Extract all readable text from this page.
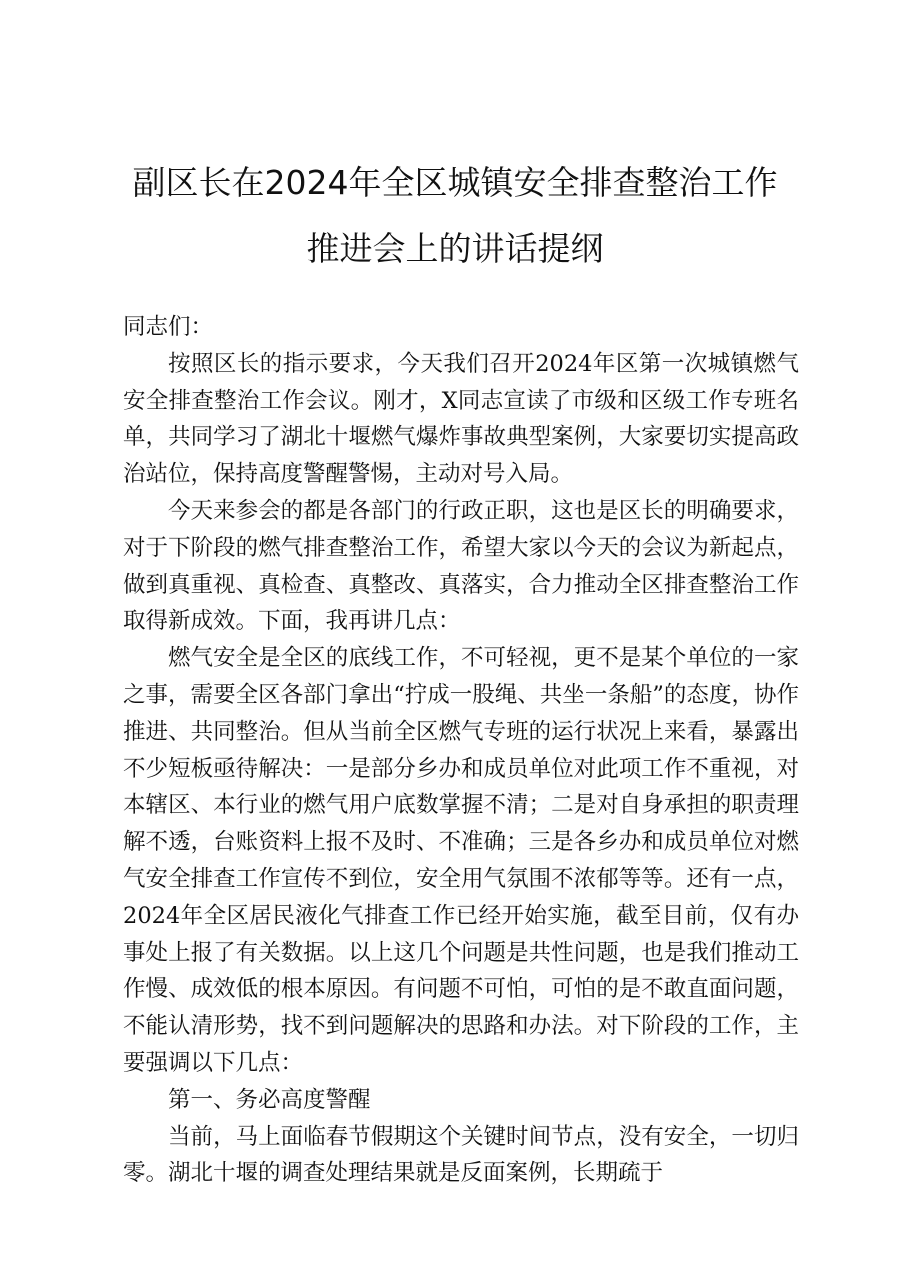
副区长在2024年全区城镇安全排查整治工作
推进会上的讲话提纲

同志们：

按照区长的指示要求，今天我们召开2024年区第一次城镇燃气安全排查整治工作会议。刚才，X同志宣读了市级和区级工作专班名单，共同学习了湖北十堰燃气爆炸事故典型案例，大家要切实提高政治站位，保持高度警醒警惕，主动对号入局。

今天来参会的都是各部门的行政正职，这也是区长的明确要求，对于下阶段的燃气排查整治工作，希望大家以今天的会议为新起点，做到真重视、真检查、真整改、真落实，合力推动全区排查整治工作取得新成效。下面，我再讲几点：

燃气安全是全区的底线工作，不可轻视，更不是某个单位的一家之事，需要全区各部门拿出“拧成一股绳、共坐一条船”的态度，协作推进、共同整治。但从当前全区燃气专班的运行状况上来看，暴露出不少短板亟待解决：一是部分乡办和成员单位对此项工作不重视，对本辖区、本行业的燃气用户底数掌握不清；二是对自身承担的职责理解不透，台账资料上报不及时、不准确；三是各乡办和成员单位对燃气安全排查工作宣传不到位，安全用气氛围不浓郁等等。还有一点，2024年全区居民液化气排查工作已经开始实施，截至目前，仅有办事处上报了有关数据。以上这几个问题是共性问题，也是我们推动工作慢、成效低的根本原因。有问题不可怕，可怕的是不敢直面问题，不能认清形势，找不到问题解决的思路和办法。对下阶段的工作，主要强调以下几点：

第一、务必高度警醒

当前，马上面临春节假期这个关键时间节点，没有安全，一切归零。湖北十堰的调查处理结果就是反面案例，长期疏于
